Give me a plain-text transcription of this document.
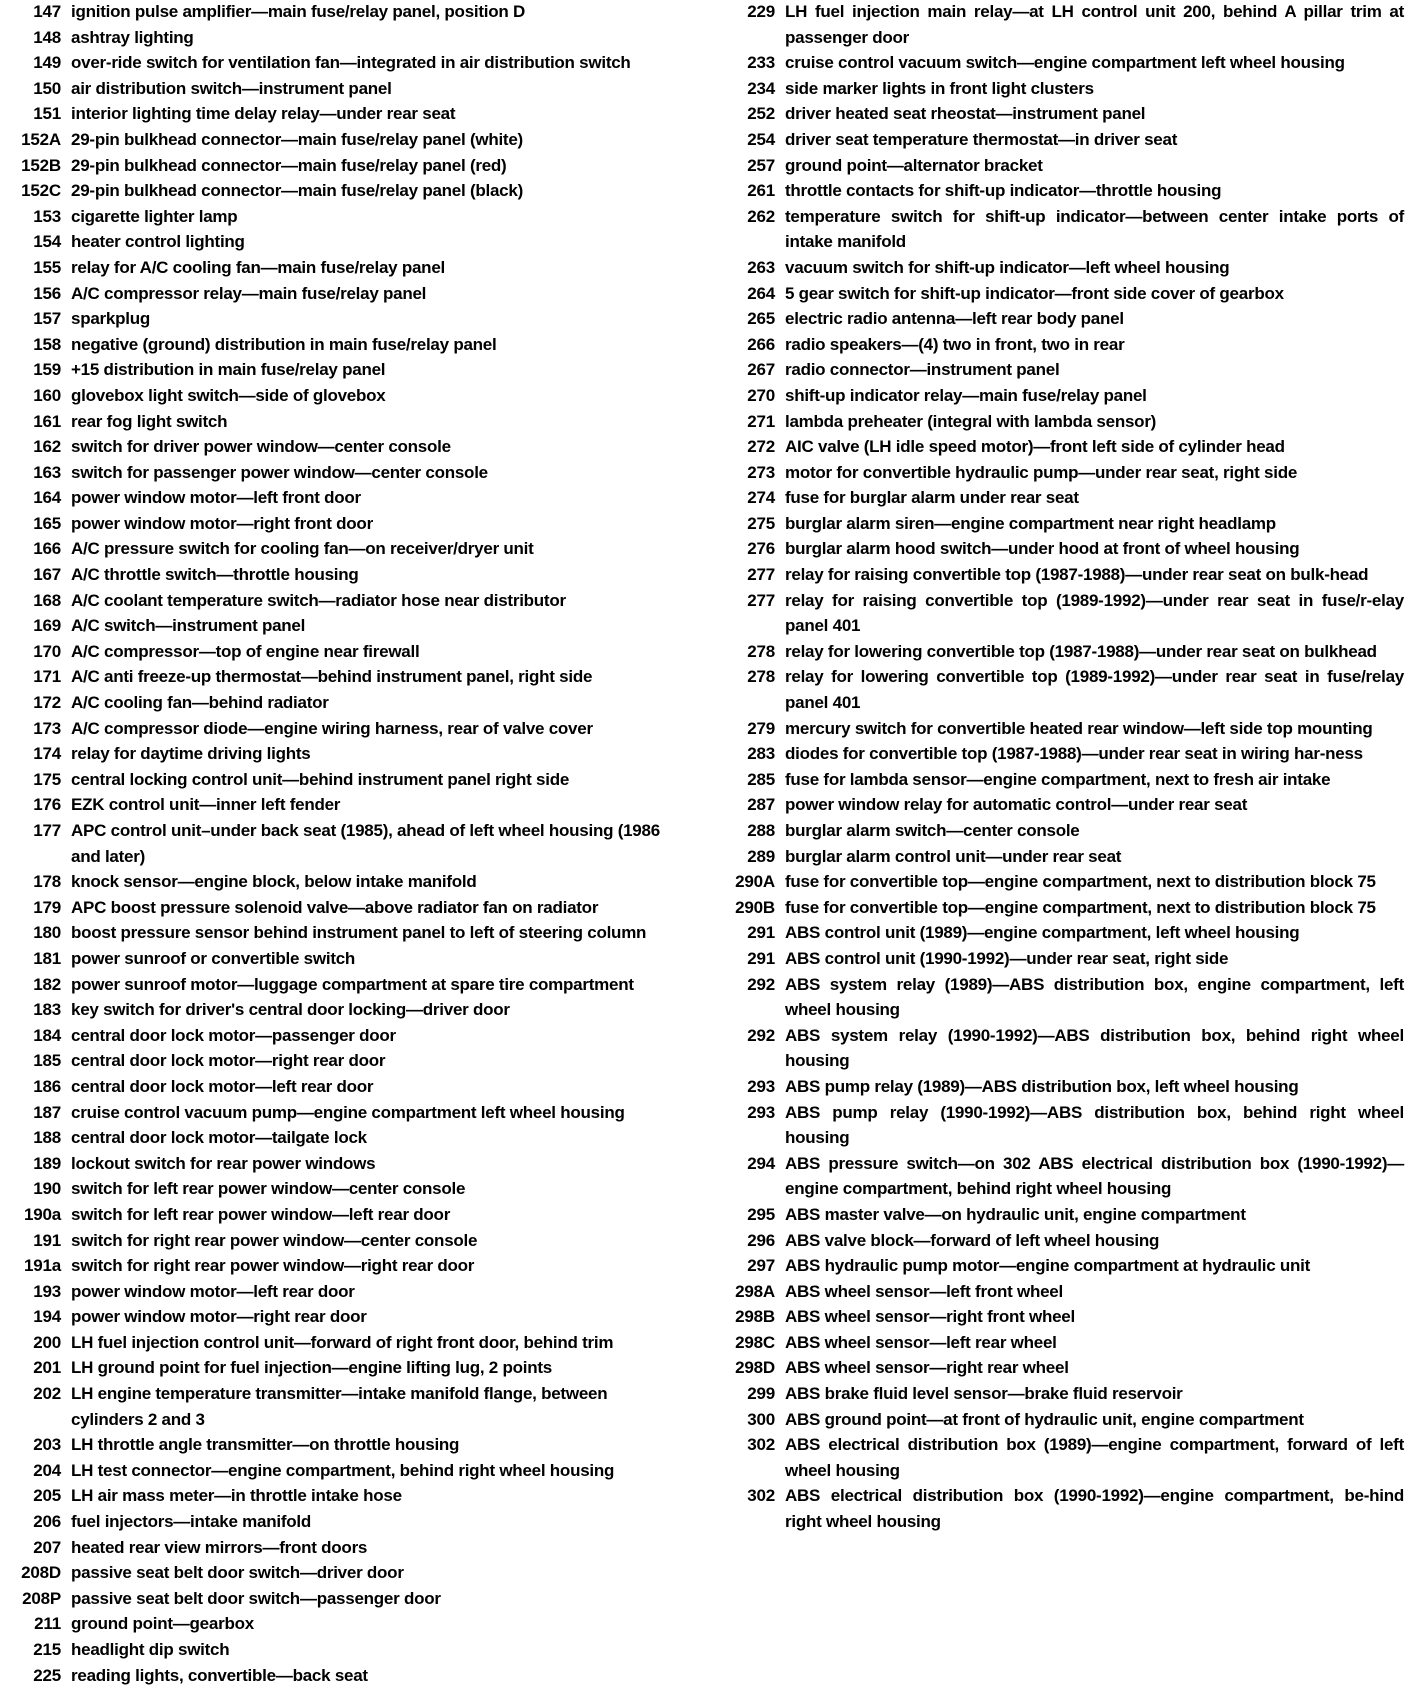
147 ignition pulse amplifier—main fuse/relay panel, position D
148 ashtray lighting
149 over-ride switch for ventilation fan—integrated in air distribution switch
150 air distribution switch—instrument panel
151 interior lighting time delay relay—under rear seat
152A 29-pin bulkhead connector—main fuse/relay panel (white)
152B 29-pin bulkhead connector—main fuse/relay panel (red)
152C 29-pin bulkhead connector—main fuse/relay panel (black)
153 cigarette lighter lamp
154 heater control lighting
155 relay for A/C cooling fan—main fuse/relay panel
156 A/C compressor relay—main fuse/relay panel
157 sparkplug
158 negative (ground) distribution in main fuse/relay panel
159 +15 distribution in main fuse/relay panel
160 glovebox light switch—side of glovebox
161 rear fog light switch
162 switch for driver power window—center console
163 switch for passenger power window—center console
164 power window motor—left front door
165 power window motor—right front door
166 A/C pressure switch for cooling fan—on receiver/dryer unit
167 A/C throttle switch—throttle housing
168 A/C coolant temperature switch—radiator hose near distributor
169 A/C switch—instrument panel
170 A/C compressor—top of engine near firewall
171 A/C anti freeze-up thermostat—behind instrument panel, right side
172 A/C cooling fan—behind radiator
173 A/C compressor diode—engine wiring harness, rear of valve cover
174 relay for daytime driving lights
175 central locking control unit—behind instrument panel right side
176 EZK control unit—inner left fender
177 APC control unit–under back seat (1985), ahead of left wheel housing (1986 and later)
178 knock sensor—engine block, below intake manifold
179 APC boost pressure solenoid valve—above radiator fan on radiator
180 boost pressure sensor behind instrument panel to left of steering column
181 power sunroof or convertible switch
182 power sunroof motor—luggage compartment at spare tire compartment
183 key switch for driver's central door locking—driver door
184 central door lock motor—passenger door
185 central door lock motor—right rear door
186 central door lock motor—left rear door
187 cruise control vacuum pump—engine compartment left wheel housing
188 central door lock motor—tailgate lock
189 lockout switch for rear power windows
190 switch for left rear power window—center console
190a switch for left rear power window—left rear door
191 switch for right rear power window—center console
191a switch for right rear power window—right rear door
193 power window motor—left rear door
194 power window motor—right rear door
200 LH fuel injection control unit—forward of right front door, behind trim
201 LH ground point for fuel injection—engine lifting lug, 2 points
202 LH engine temperature transmitter—intake manifold flange, between cylinders 2 and 3
203 LH throttle angle transmitter—on throttle housing
204 LH test connector—engine compartment, behind right wheel housing
205 LH air mass meter—in throttle intake hose
206 fuel injectors—intake manifold
207 heated rear view mirrors—front doors
208D passive seat belt door switch—driver door
208P passive seat belt door switch—passenger door
211 ground point—gearbox
215 headlight dip switch
225 reading lights, convertible—back seat
229 LH fuel injection main relay—at LH control unit 200, behind A pillar trim at passenger door
233 cruise control vacuum switch—engine compartment left wheel housing
234 side marker lights in front light clusters
252 driver heated seat rheostat—instrument panel
254 driver seat temperature thermostat—in driver seat
257 ground point—alternator bracket
261 throttle contacts for shift-up indicator—throttle housing
262 temperature switch for shift-up indicator—between center intake ports of intake manifold
263 vacuum switch for shift-up indicator—left wheel housing
264 5 gear switch for shift-up indicator—front side cover of gearbox
265 electric radio antenna—left rear body panel
266 radio speakers—(4) two in front, two in rear
267 radio connector—instrument panel
270 shift-up indicator relay—main fuse/relay panel
271 lambda preheater (integral with lambda sensor)
272 AIC valve (LH idle speed motor)—front left side of cylinder head
273 motor for convertible hydraulic pump—under rear seat, right side
274 fuse for burglar alarm under rear seat
275 burglar alarm siren—engine compartment near right headlamp
276 burglar alarm hood switch—under hood at front of wheel housing
277 relay for raising convertible top (1987-1988)—under rear seat on bulk-head
277 relay for raising convertible top (1989-1992)—under rear seat in fuse/r-elay panel 401
278 relay for lowering convertible top (1987-1988)—under rear seat on bulkhead
278 relay for lowering convertible top (1989-1992)—under rear seat in fuse/relay panel 401
279 mercury switch for convertible heated rear window—left side top mounting
283 diodes for convertible top (1987-1988)—under rear seat in wiring har-ness
285 fuse for lambda sensor—engine compartment, next to fresh air intake
287 power window relay for automatic control—under rear seat
288 burglar alarm switch—center console
289 burglar alarm control unit—under rear seat
290A fuse for convertible top—engine compartment, next to distribution block 75
290B fuse for convertible top—engine compartment, next to distribution block 75
291 ABS control unit (1989)—engine compartment, left wheel housing
291 ABS control unit (1990-1992)—under rear seat, right side
292 ABS system relay (1989)—ABS distribution box, engine compartment, left wheel housing
292 ABS system relay (1990-1992)—ABS distribution box, behind right wheel housing
293 ABS pump relay (1989)—ABS distribution box, left wheel housing
293 ABS pump relay (1990-1992)—ABS distribution box, behind right wheel housing
294 ABS pressure switch—on 302 ABS electrical distribution box (1990-1992)—engine compartment, behind right wheel housing
295 ABS master valve—on hydraulic unit, engine compartment
296 ABS valve block—forward of left wheel housing
297 ABS hydraulic pump motor—engine compartment at hydraulic unit
298A ABS wheel sensor—left front wheel
298B ABS wheel sensor—right front wheel
298C ABS wheel sensor—left rear wheel
298D ABS wheel sensor—right rear wheel
299 ABS brake fluid level sensor—brake fluid reservoir
300 ABS ground point—at front of hydraulic unit, engine compartment
302 ABS electrical distribution box (1989)—engine compartment, forward of left wheel housing
302 ABS electrical distribution box (1990-1992)—engine compartment, be-hind right wheel housing
